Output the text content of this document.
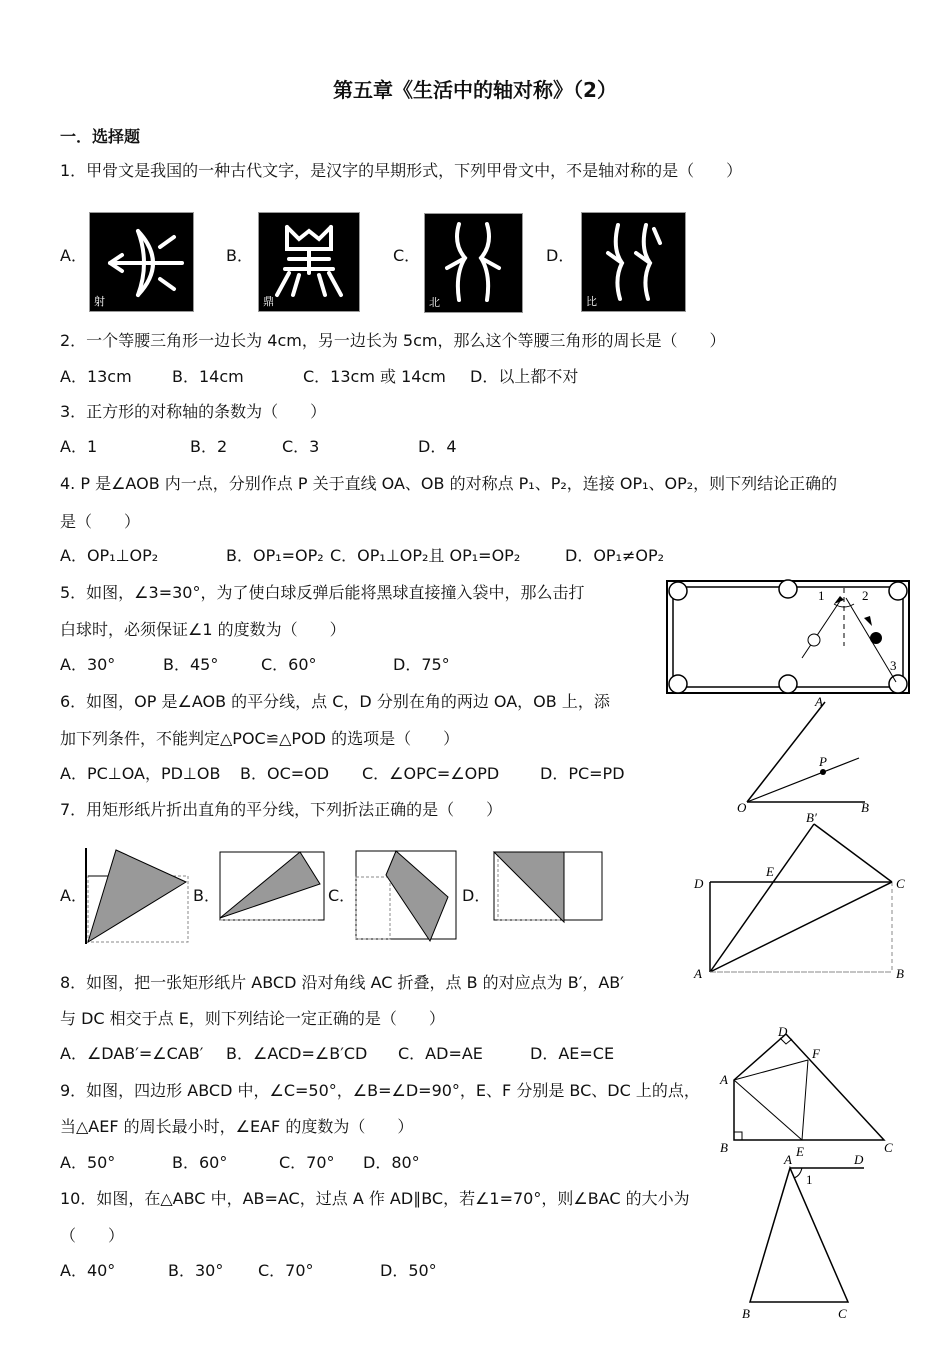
第五章《生活中的轴对称》（2）
一．选择题
1．甲骨文是我国的一种古代文字，是汉字的早期形式，下列甲骨文中，不是轴对称的是（　　）
A．
射
B．
鼎
C．
北
D．
比
2．一个等腰三角形一边长为 4cm，另一边长为 5cm，那么这个等腰三角形的周长是（　　）
A．13cm	B．14cm	C．13cm 或 14cm D．以上都不对
3．正方形的对称轴的条数为（　　）
A．1	B．2	C．3	D．4
4. P 是∠AOB 内一点，分别作点 P 关于直线 OA、OB 的对称点 P₁、P₂，连接 OP₁、OP₂，则下列结论正确的
是（　　）
A．OP₁⊥OP₂	B．OP₁=OP₂ C．OP₁⊥OP₂且 OP₁=OP₂	D．OP₁≠OP₂
5．如图，∠3=30°，为了使白球反弹后能将黑球直接撞入袋中，那么击打
白球时，必须保证∠1 的度数为（　　）
A．30°	B．45°	C．60°	D．75°
1	2
3
6．如图，OP 是∠AOB 的平分线，点 C，D 分别在角的两边 OA，OB 上，添
加下列条件，不能判定△POC≌△POD 的选项是（　　）
A．PC⊥OA，PD⊥OB B．OC=OD C．∠OPC=∠OPD	D．PC=PD
A
P
O	B
7．用矩形纸片折出直角的平分线，下列折法正确的是（　　）
A．	B．	C．	D．
B′
D
E
C
A	B
8．如图，把一张矩形纸片 ABCD 沿对角线 AC 折叠，点 B 的对应点为 B′，AB′
与 DC 相交于点 E，则下列结论一定正确的是（　　）
A．∠DAB′=∠CAB′ B．∠ACD=∠B′CD C．AD=AE	D．AE=CE
D
F
A
B	E	C
9．如图，四边形 ABCD 中，∠C=50°，∠B=∠D=90°，E、F 分别是 BC、DC 上的点，
当△AEF 的周长最小时，∠EAF 的度数为（　　）
A．50°	B．60°	C．70° D．80°
10．如图，在△ABC 中，AB=AC，过点 A 作 AD∥BC，若∠1=70°，则∠BAC 的大小为
（　　）
A．40°	B．30° C．70°	D．50°
A	D
1
B	C
